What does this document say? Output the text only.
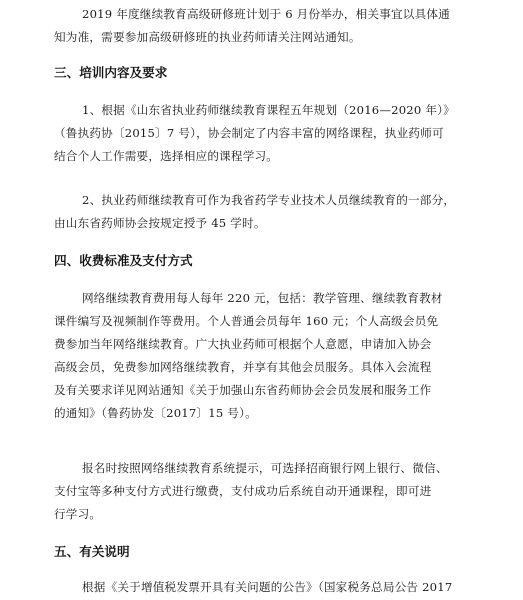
2019 年度继续教育高级研修班计划于 6 月份举办，相关事宜以具体通
知为准，需要参加高级研修班的执业药师请关注网站通知。
三、培训内容及要求
1、根据《山东省执业药师继续教育课程五年规划（2016—2020 年）》
（鲁执药协〔2015〕7 号），协会制定了内容丰富的网络课程，执业药师可
结合个人工作需要，选择相应的课程学习。
2、执业药师继续教育可作为我省药学专业技术人员继续教育的一部分，
由山东省药师协会按规定授予 45 学时。
四、收费标准及支付方式
网络继续教育费用每人每年 220 元，包括：教学管理、继续教育教材
课件编写及视频制作等费用。个人普通会员每年 160 元；个人高级会员免
费参加当年网络继续教育。广大执业药师可根据个人意愿，申请加入协会
高级会员，免费参加网络继续教育，并享有其他会员服务。具体入会流程
及有关要求详见网站通知《关于加强山东省药师协会会员发展和服务工作
的通知》（鲁药协发〔2017〕15 号）。
报名时按照网络继续教育系统提示，可选择招商银行网上银行、微信、
支付宝等多种支付方式进行缴费，支付成功后系统自动开通课程，即可进
行学习。
五、有关说明
根据《关于增值税发票开具有关问题的公告》（国家税务总局公告 2017
